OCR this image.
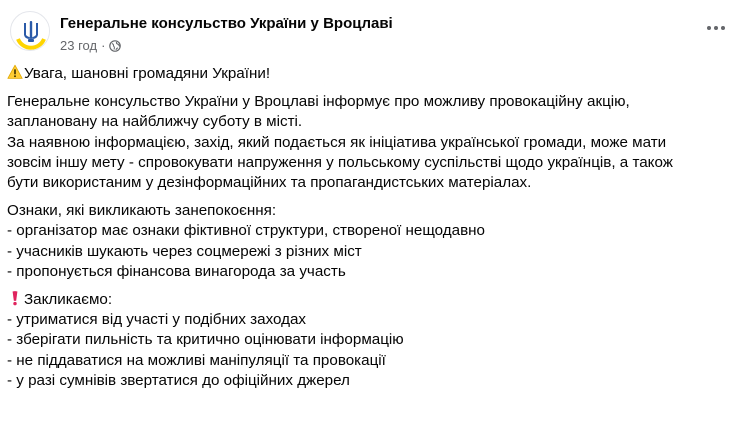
Генеральне консульство України у Вроцлаві
23 год ·

Увага, шановні громадяни України!

Генеральне консульство України у Вроцлаві інформує про можливу провокаційну акцію,
заплановану на найближчу суботу в місті.
За наявною інформацією, захід, який подається як ініціатива української громади, може мати
зовсім іншу мету - спровокувати напруження у польському суспільстві щодо українців, а також
бути використаним у дезінформаційних та пропагандистських матеріалах.

Ознаки, які викликають занепокоєння:
- організатор має ознаки фіктивної структури, створеної нещодавно
- учасників шукають через соцмережі з різних міст
- пропонується фінансова винагорода за участь

Закликаємо:
- утриматися від участі у подібних заходах
- зберігати пильність та критично оцінювати інформацію
- не піддаватися на можливі маніпуляції та провокації
- у разі сумнівів звертатися до офіційних джерел
